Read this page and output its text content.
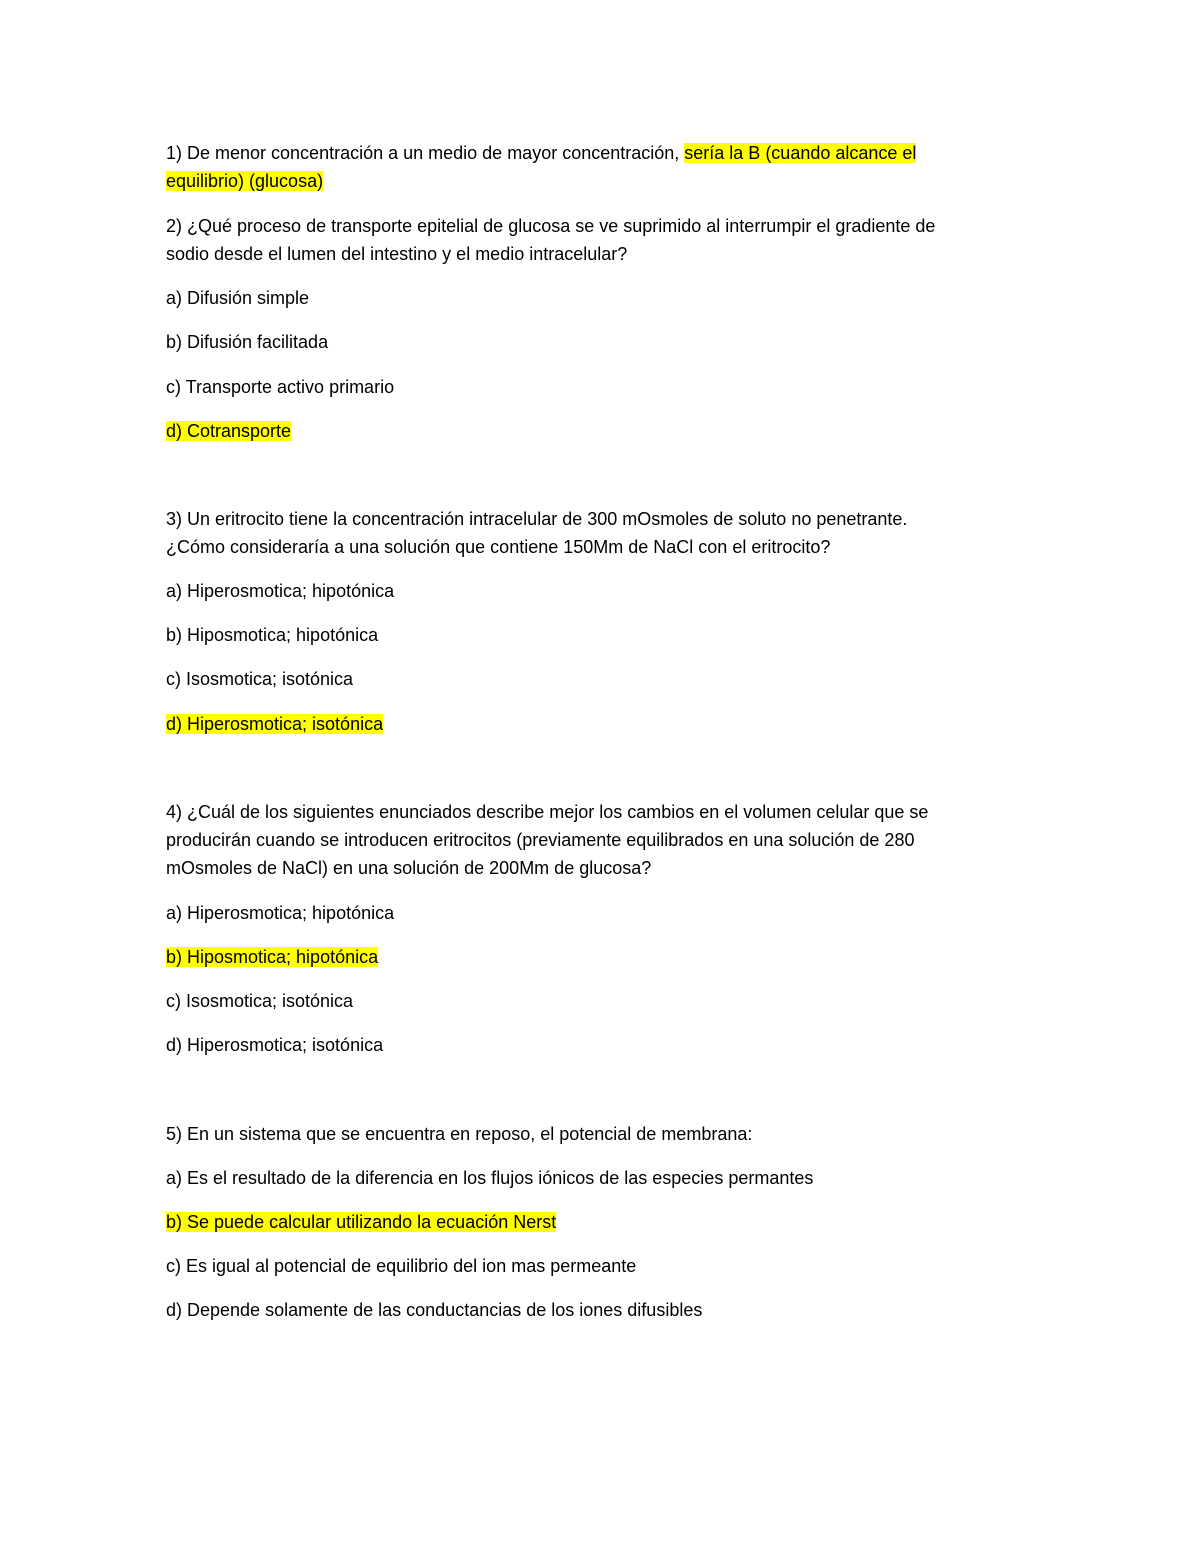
1) De menor concentración a un medio de mayor concentración, sería la B (cuando alcance el
equilibrio) (glucosa)
2) ¿Qué proceso de transporte epitelial de glucosa se ve suprimido al interrumpir el gradiente de
sodio desde el lumen del intestino y el medio intracelular?
a) Difusión simple
b) Difusión facilitada
c) Transporte activo primario
d) Cotransporte
3) Un eritrocito tiene la concentración intracelular de 300 mOsmoles de soluto no penetrante.
¿Cómo consideraría a una solución que contiene 150Mm de NaCl con el eritrocito?
a) Hiperosmotica; hipotónica
b) Hiposmotica; hipotónica
c) Isosmotica; isotónica
d) Hiperosmotica; isotónica
4) ¿Cuál de los siguientes enunciados describe mejor los cambios en el volumen celular que se
producirán cuando se introducen eritrocitos (previamente equilibrados en una solución de 280
mOsmoles de NaCl) en una solución de 200Mm de glucosa?
a) Hiperosmotica; hipotónica
b) Hiposmotica; hipotónica
c) Isosmotica; isotónica
d) Hiperosmotica; isotónica
5) En un sistema que se encuentra en reposo, el potencial de membrana:
a) Es el resultado de la diferencia en los flujos iónicos de las especies permantes
b) Se puede calcular utilizando la ecuación Nerst
c) Es igual al potencial de equilibrio del ion mas permeante
d) Depende solamente de las conductancias de los iones difusibles
